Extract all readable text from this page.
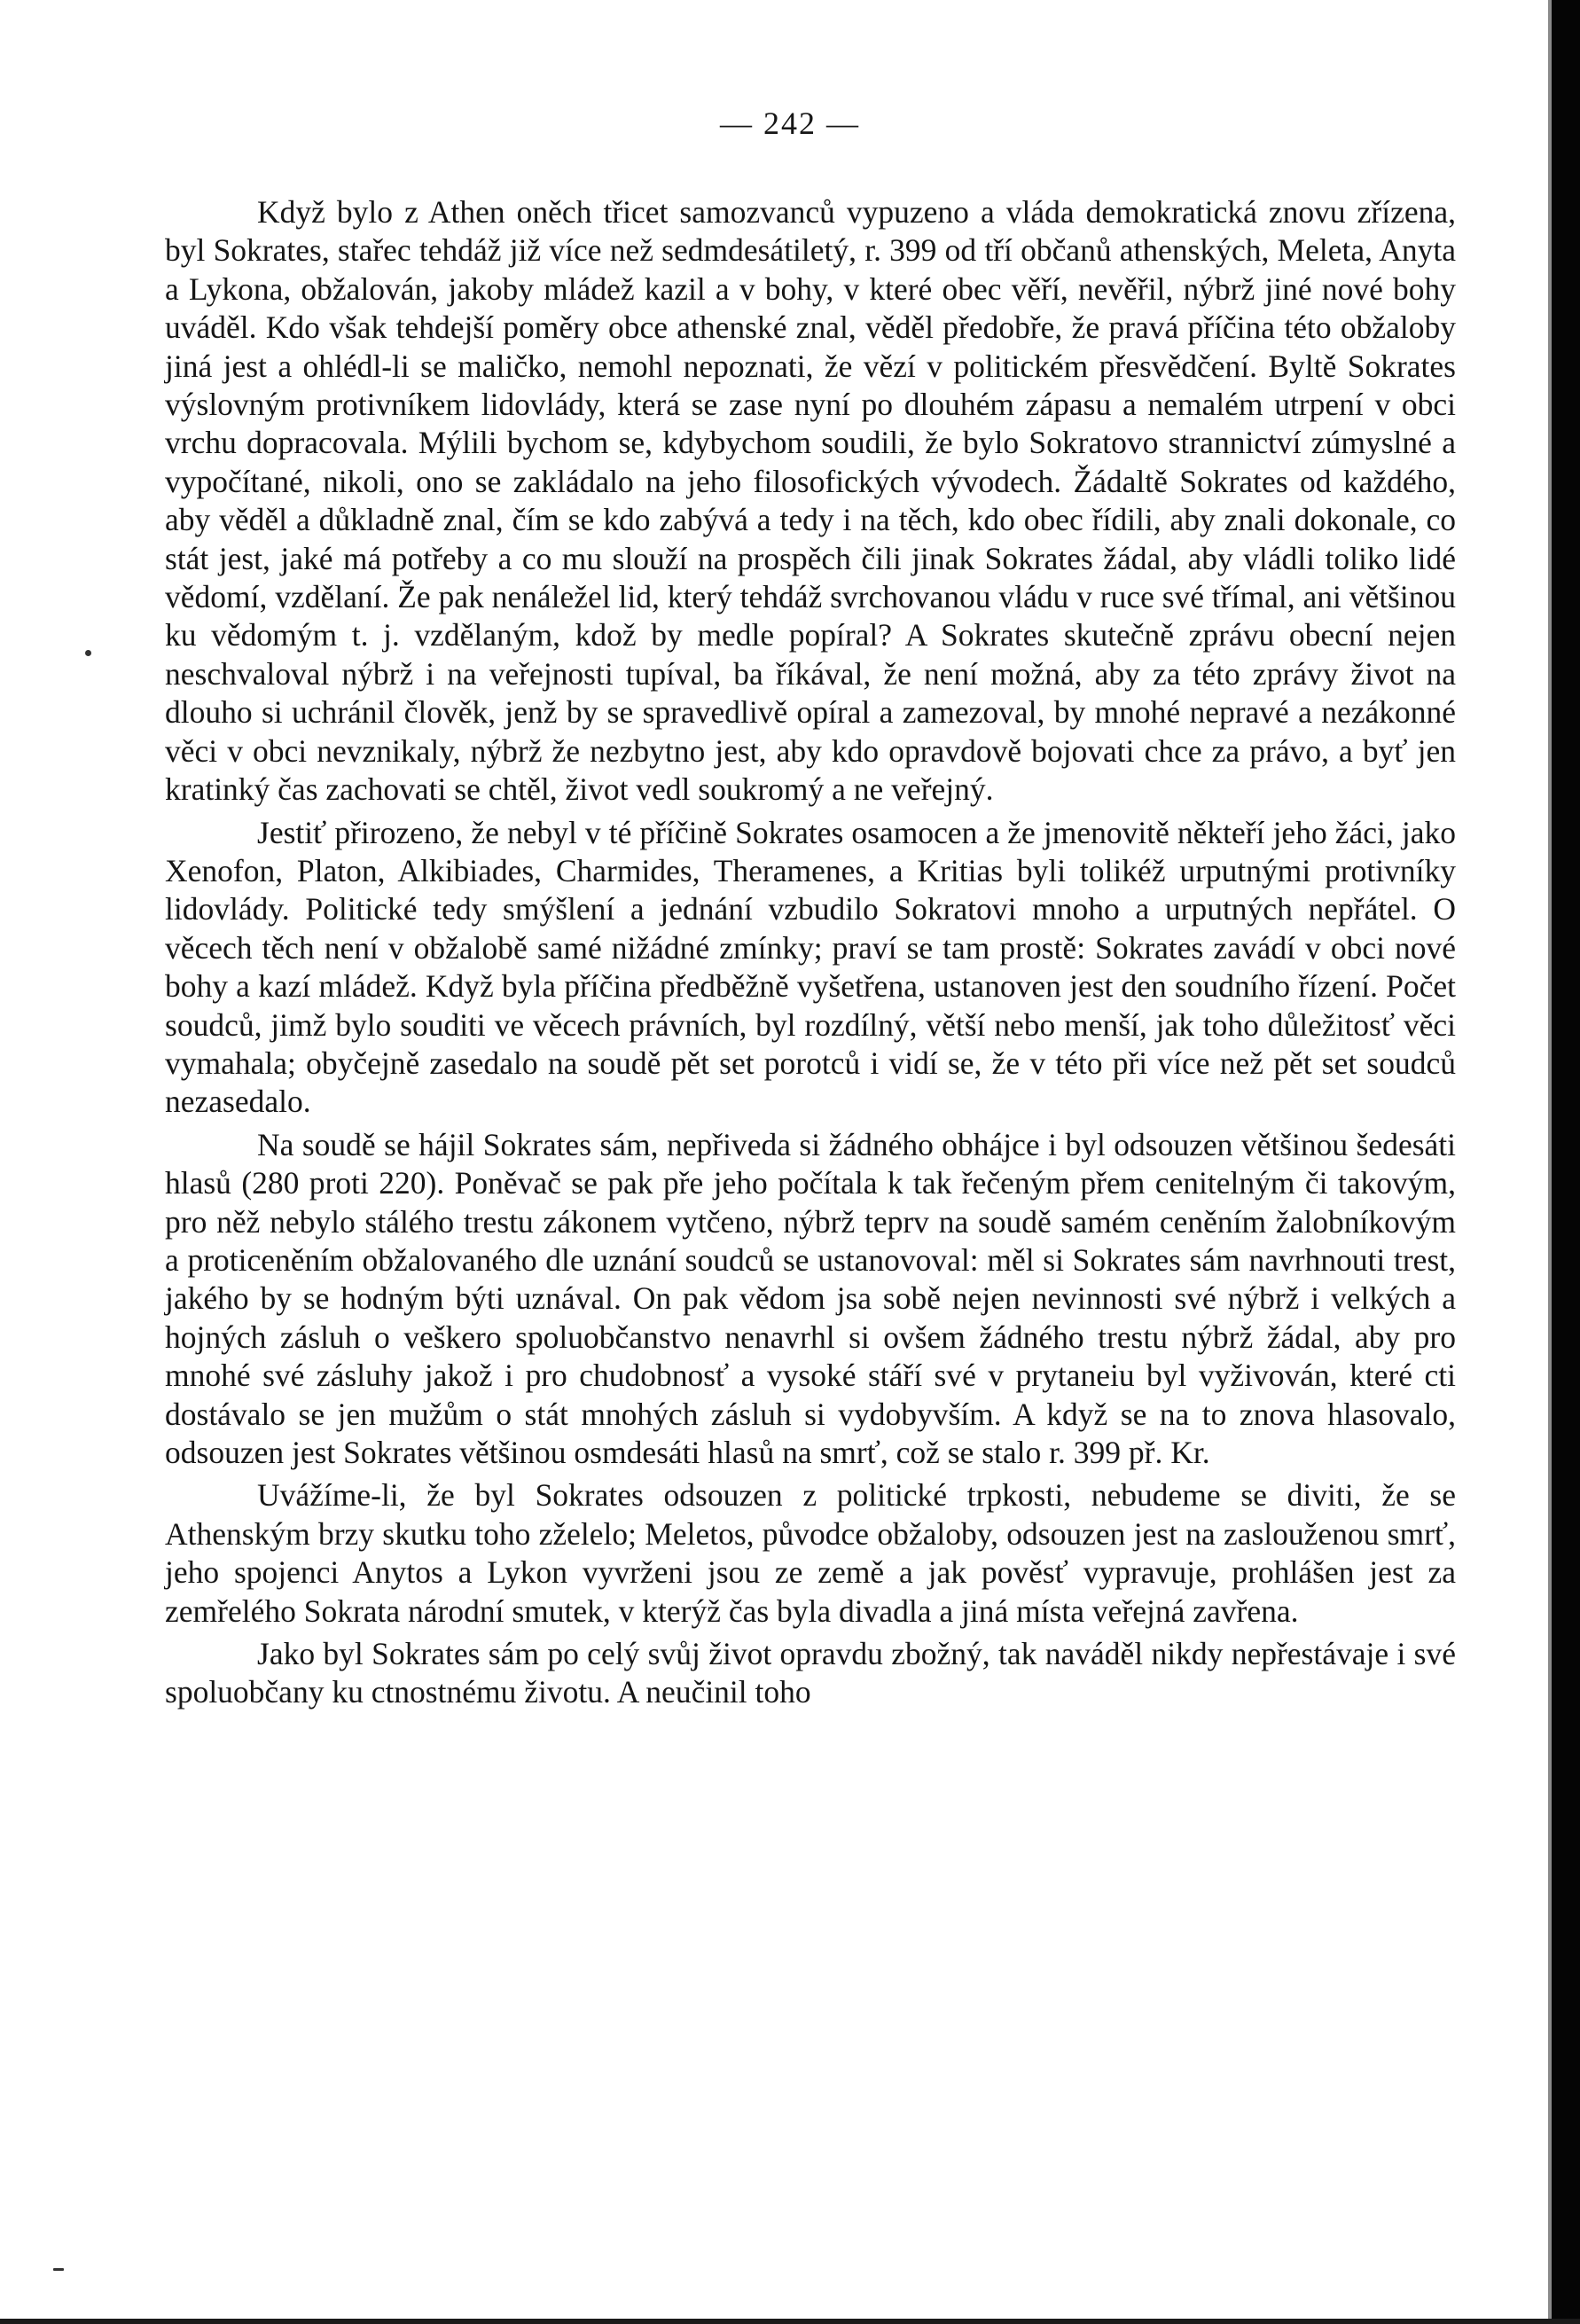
— 242 —

Když bylo z Athen oněch třicet samozvanců vypuzeno a vláda demokratická znovu zřízena, byl Sokrates, stařec tehdáž již více než sedmdesátiletý, r. 399 od tří občanů athenských, Meleta, Anyta a Lykona, obžalován, jakoby mládež kazil a v bohy, v které obec věří, nevěřil, nýbrž jiné nové bohy uváděl. Kdo však tehdejší poměry obce athenské znal, věděl předobře, že pravá příčina této obžaloby jiná jest a ohlédl-li se maličko, nemohl nepoznati, že vězí v politickém přesvědčení. Byltě Sokrates výslovným protivníkem lidovlády, která se zase nyní po dlouhém zápasu a nemalém utrpení v obci vrchu dopracovala. Mýlili bychom se, kdybychom soudili, že bylo Sokratovo strannictví zúmyslné a vypočítané, nikoli, ono se zakládalo na jeho filosofických vývodech. Žádaltě Sokrates od každého, aby věděl a důkladně znal, čím se kdo zabývá a tedy i na těch, kdo obec řídili, aby znali dokonale, co stát jest, jaké má potřeby a co mu slouží na prospěch čili jinak Sokrates žádal, aby vládli toliko lidé vědomí, vzdělaní. Že pak nenáležel lid, který tehdáž svrchovanou vládu v ruce své třímal, ani většinou ku vědomým t. j. vzdělaným, kdož by medle popíral? A Sokrates skutečně zprávu obecní nejen neschvaloval nýbrž i na veřejnosti tupíval, ba říkával, že není možná, aby za této zprávy život na dlouho si uchránil člověk, jenž by se spravedlivě opíral a zamezoval, by mnohé nepravé a nezákonné věci v obci nevznikaly, nýbrž že nezbytno jest, aby kdo opravdově bojovati chce za právo, a byť jen kratinký čas zachovati se chtěl, život vedl soukromý a ne veřejný.

Jestiť přirozeno, že nebyl v té příčině Sokrates osamocen a že jmenovitě někteří jeho žáci, jako Xenofon, Platon, Alkibiades, Charmides, Theramenes, a Kritias byli tolikéž urputnými protivníky lidovlády. Politické tedy smýšlení a jednání vzbudilo Sokratovi mnoho a urputných nepřátel. O věcech těch není v obžalobě samé nižádné zmínky; praví se tam prostě: Sokrates zavádí v obci nové bohy a kazí mládež. Když byla příčina předběžně vyšetřena, ustanoven jest den soudního řízení. Počet soudců, jimž bylo souditi ve věcech právních, byl rozdílný, větší nebo menší, jak toho důležitosť věci vymahala; obyčejně zasedalo na soudě pět set porotců i vidí se, že v této při více než pět set soudců nezasedalo.

Na soudě se hájil Sokrates sám, nepřiveda si žádného obhájce i byl odsouzen většinou šedesáti hlasů (280 proti 220). Poněvač se pak pře jeho počítala k tak řečeným přem cenitelným či takovým, pro něž nebylo stálého trestu zákonem vytčeno, nýbrž teprv na soudě samém ceněním žalobníkovým a proticeněním obžalovaného dle uznání soudců se ustanovoval: měl si Sokrates sám navrhnouti trest, jakého by se hodným býti uznával. On pak vědom jsa sobě nejen nevinnosti své nýbrž i velkých a hojných zásluh o veškero spoluobčanstvo nenavrhl si ovšem žádného trestu nýbrž žádal, aby pro mnohé své zásluhy jakož i pro chudobnosť a vysoké stáří své v prytaneiu byl vyživován, které cti dostávalo se jen mužům o stát mnohých zásluh si vydobyvším. A když se na to znova hlasovalo, odsouzen jest Sokrates většinou osmdesáti hlasů na smrť, což se stalo r. 399 př. Kr.

Uvážíme-li, že byl Sokrates odsouzen z politické trpkosti, nebudeme se diviti, že se Athenským brzy skutku toho zželelo; Meletos, původce obžaloby, odsouzen jest na zaslouženou smrť, jeho spojenci Anytos a Lykon vyvrženi jsou ze země a jak pověsť vypravuje, prohlášen jest za zemřelého Sokrata národní smutek, v kterýž čas byla divadla a jiná místa veřejná zavřena.

Jako byl Sokrates sám po celý svůj život opravdu zbožný, tak naváděl nikdy nepřestávaje i své spoluobčany ku ctnostnému životu. A neučinil toho
